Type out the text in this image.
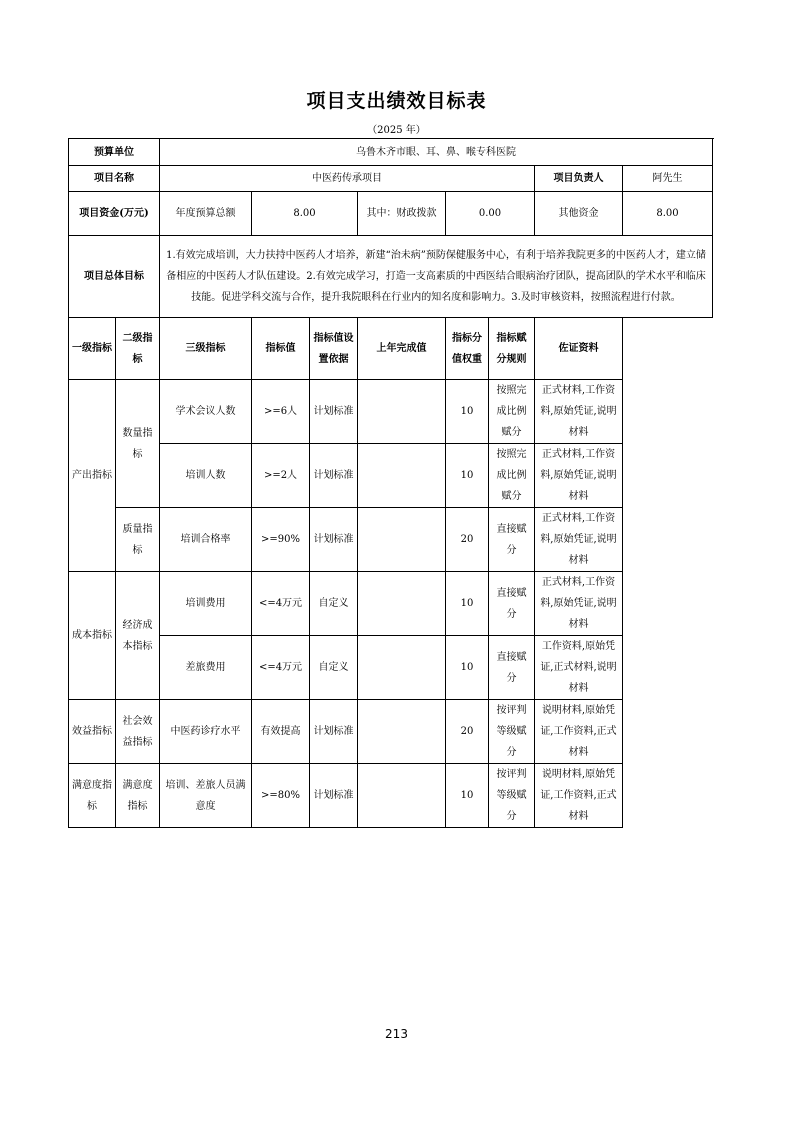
项目支出绩效目标表
（2025 年）
预算单位		乌鲁木齐市眼、耳、鼻、喉专科医院							
项目名称		中医药传承项目						项目负责人	阿先生
项目资金(万元)		年度预算总额	8.00		其中：财政拨款	0.00		其他资金	8.00
项目总体目标		1.有效完成培训，大力扶持中医药人才培养，新建“治未病”预防保健服务中心，有利于培养我院更多的中医药人才，建立储备相应的中医药人才队伍建设。2.有效完成学习，打造一支高素质的中西医结合眼病治疗团队，提高团队的学术水平和临床技能。促进学科交流与合作，提升我院眼科在行业内的知名度和影响力。3.及时审核资料，按照流程进行付款。							
一级指标	二级指标	三级指标	指标值	指标值设置依据	上年完成值	指标分值权重	指标赋分规则	佐证资料	
产出指标	数量指标	学术会议人数	>=6人	计划标准		10	按照完成比例赋分	正式材料,工作资料,原始凭证,说明材料	
		培训人数	>=2人	计划标准		10	按照完成比例赋分	正式材料,工作资料,原始凭证,说明材料	
	质量指标	培训合格率	>=90%	计划标准		20	直接赋分	正式材料,工作资料,原始凭证,说明材料	
成本指标	经济成本指标	培训费用	<=4万元	自定义		10	直接赋分	正式材料,工作资料,原始凭证,说明材料	
		差旅费用	<=4万元	自定义		10	直接赋分	工作资料,原始凭证,正式材料,说明材料	
效益指标	社会效益指标	中医药诊疗水平	有效提高	计划标准		20	按评判等级赋分	说明材料,原始凭证,工作资料,正式材料	
满意度指标	满意度指标	培训、差旅人员满意度	>=80%	计划标准		10	按评判等级赋分	说明材料,原始凭证,工作资料,正式材料	
213
